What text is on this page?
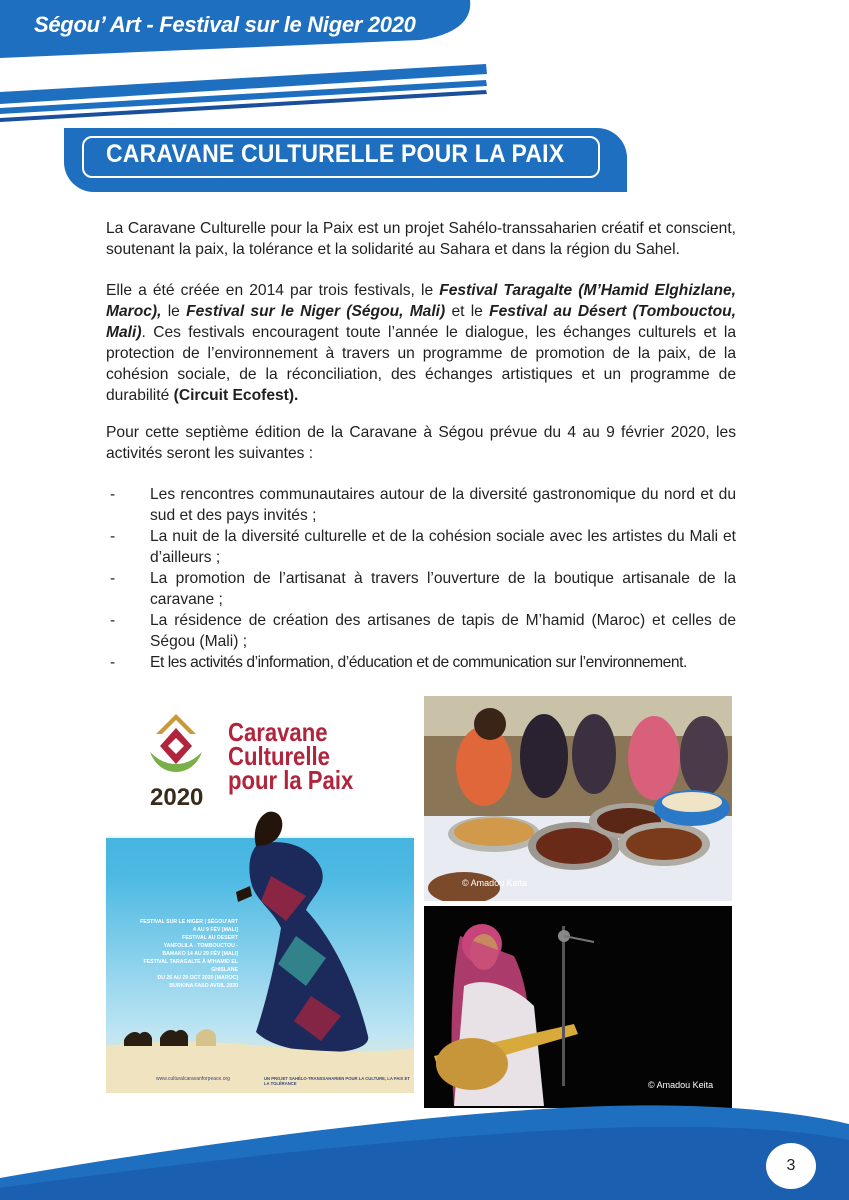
Ségou’ Art - Festival sur le Niger 2020
CARAVANE CULTURELLE POUR LA PAIX
La Caravane Culturelle pour la Paix est un projet Sahélo-transsaharien créatif et conscient, soutenant la paix, la tolérance et la solidarité au Sahara et dans la région du Sahel.
Elle a été créée en 2014 par trois festivals, le Festival Taragalte (M’Hamid Elghizlane, Maroc), le Festival sur le Niger (Ségou, Mali) et le Festival au Désert (Tombouctou, Mali). Ces festivals encouragent toute l’année le dialogue, les échanges culturels et la protection de l’environnement à travers un programme de promotion de la paix, de la cohésion sociale, de la réconciliation, des échanges artistiques et un programme de durabilité (Circuit Ecofest).
Pour cette septième édition de la Caravane à Ségou prévue du 4 au 9 février 2020, les activités seront les suivantes :
- Les rencontres communautaires autour de la diversité gastronomique du nord et du sud et des pays invités ;
- La nuit de la diversité culturelle et de la cohésion sociale avec les artistes du Mali et d’ailleurs ;
- La promotion de l’artisanat à travers l’ouverture de la boutique artisanale de la caravane ;
- La résidence de création des artisanes de tapis de M’hamid (Maroc) et celles de Ségou (Mali) ;
- Et les activités d’information, d’éducation et de communication sur l’environnement.
Caravane
Culturelle
pour la Paix
2020
FESTIVAL SUR LE NIGER | SÉGOU'ART
4 AU 9 FÉV [MALI]
FESTIVAL AU DESERT
YANFOLILA - TOMBOUCTOU -
BAMAKO 14 AU 29 FÉV [MALI]
FESTIVAL TARAGALTE À M'HAMID EL GHISLANE
DU 26 AU 29 OCT 2020 [MAROC]
BURKINA FASO AVRIL 2020
www.culturalcaravanforpeace.org	UN PROJET SAHÉLO-TRANSSAHARIEN POUR LA CULTURE, LA PAIX ET LA TOLÉRANCE
© Amadou Keita
© Amadou Keita
3
